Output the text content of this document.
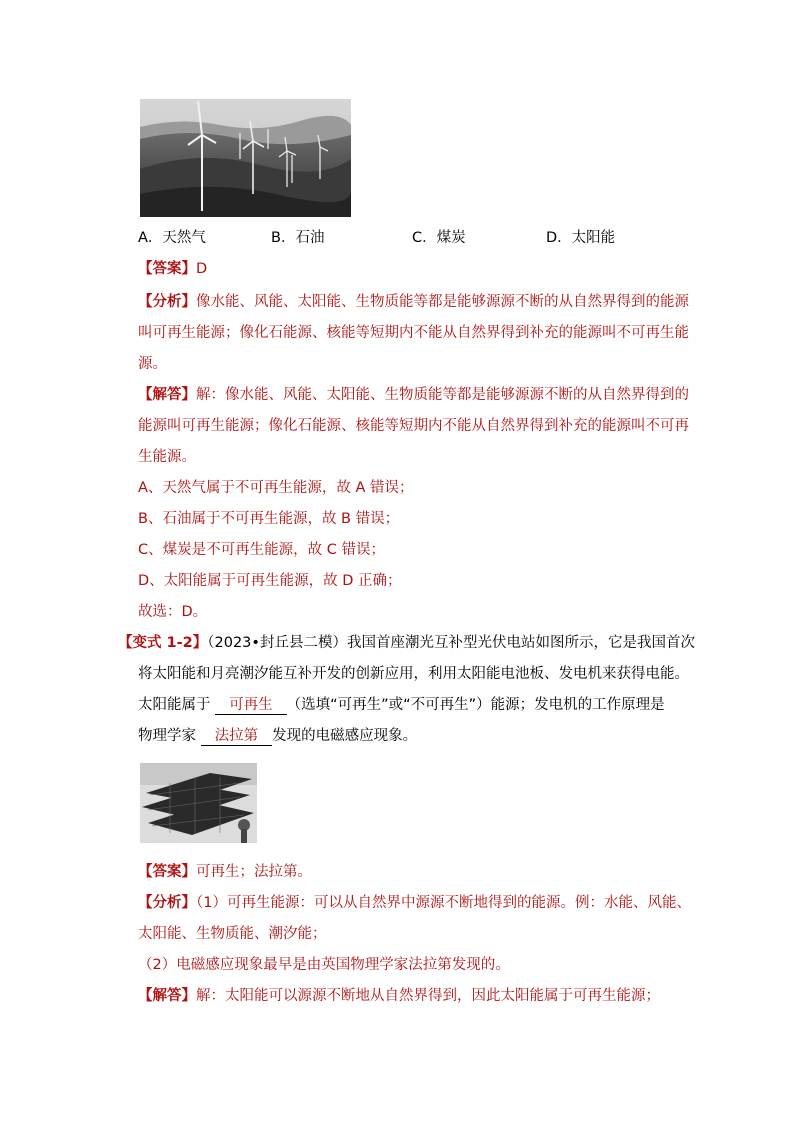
A．天然气	B．石油	C．煤炭	D．太阳能
【答案】D
【分析】像水能、风能、太阳能、生物质能等都是能够源源不断的从自然界得到的能源
叫可再生能源；像化石能源、核能等短期内不能从自然界得到补充的能源叫不可再生能
源。
【解答】解：像水能、风能、太阳能、生物质能等都是能够源源不断的从自然界得到的
能源叫可再生能源；像化石能源、核能等短期内不能从自然界得到补充的能源叫不可再
生能源。
A、天然气属于不可再生能源，故 A 错误；
B、石油属于不可再生能源，故 B 错误；
C、煤炭是不可再生能源，故 C 错误；
D、太阳能属于可再生能源，故 D 正确；
故选：D。
【变式 1-2】（2023•封丘县二模）我国首座潮光互补型光伏电站如图所示，它是我国首次
将太阳能和月亮潮汐能互补开发的创新应用，利用太阳能电池板、发电机来获得电能。
太阳能属于 可再生 （选填“可再生”或“不可再生”）能源；发电机的工作原理是
物理学家 法拉第 发现的电磁感应现象。
【答案】可再生；法拉第。
【分析】（1）可再生能源：可以从自然界中源源不断地得到的能源。例：水能、风能、
太阳能、生物质能、潮汐能；
（2）电磁感应现象最早是由英国物理学家法拉第发现的。
【解答】解：太阳能可以源源不断地从自然界得到，因此太阳能属于可再生能源；
